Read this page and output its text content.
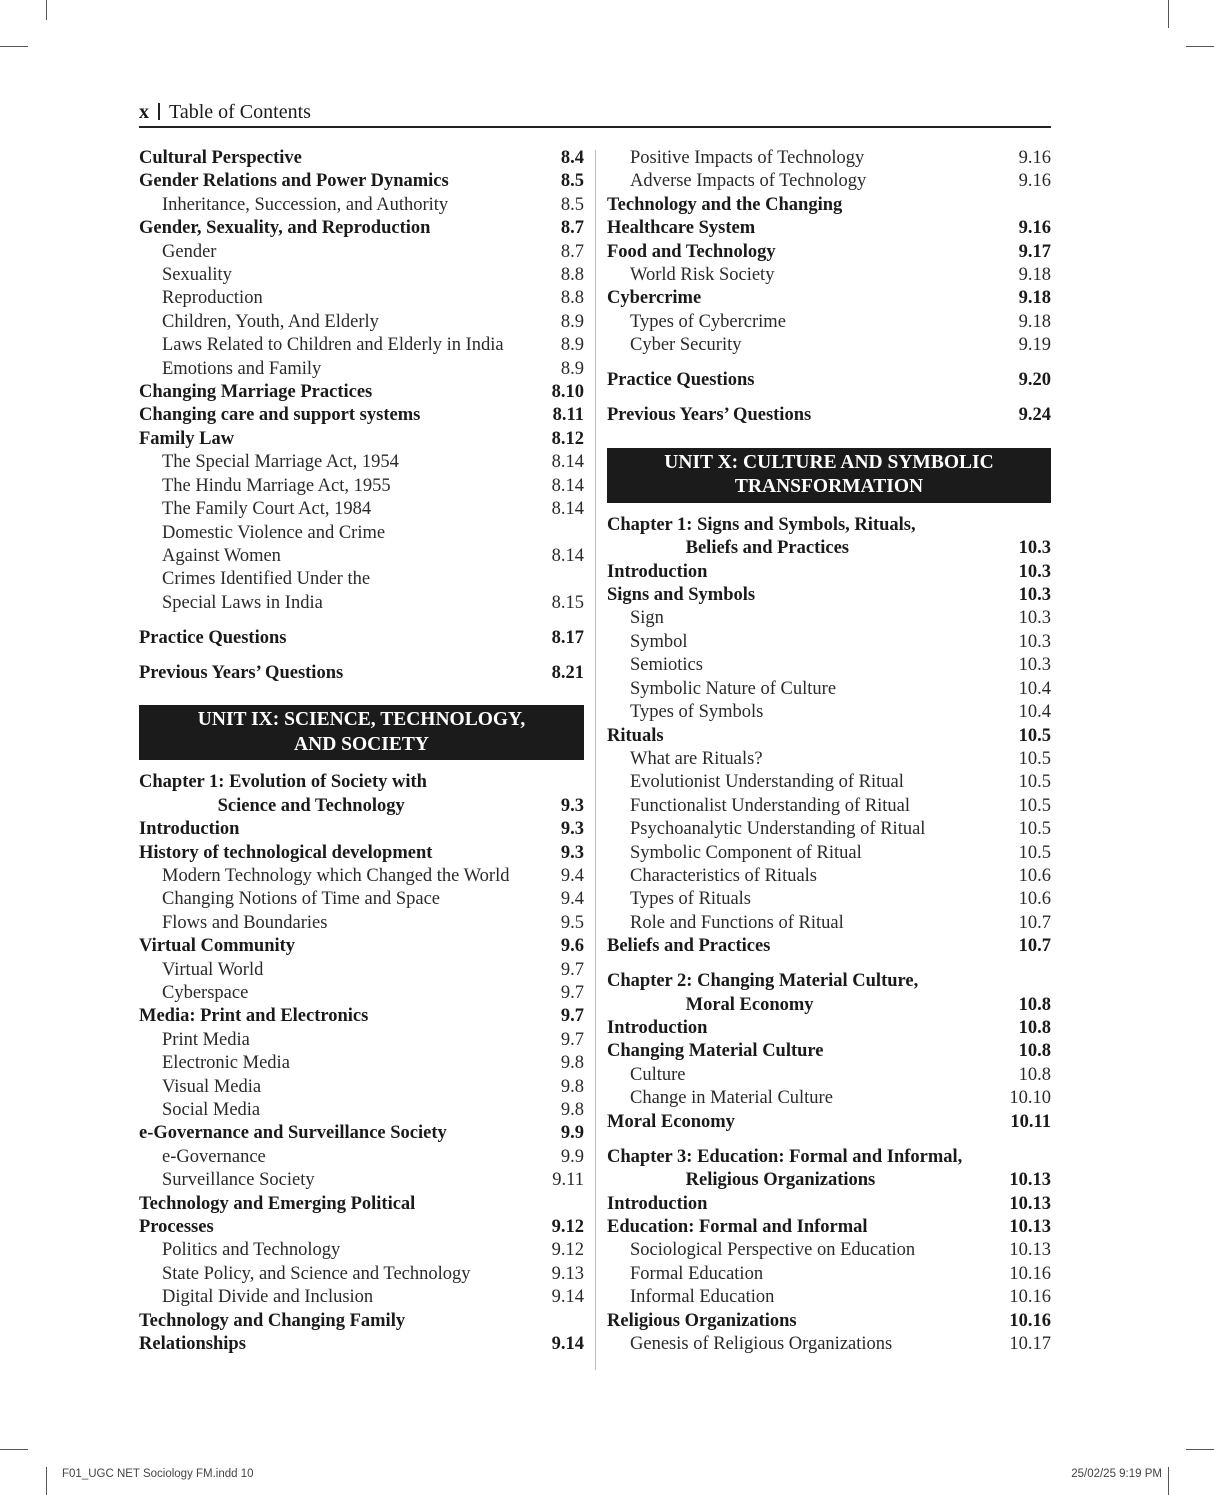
x Table of Contents
Cultural Perspective	8.4
Gender Relations and Power Dynamics	8.5
Inheritance, Succession, and Authority	8.5
Gender, Sexuality, and Reproduction	8.7
Gender	8.7
Sexuality	8.8
Reproduction	8.8
Children, Youth, And Elderly	8.9
Laws Related to Children and Elderly in India	8.9
Emotions and Family	8.9
Changing Marriage Practices	8.10
Changing care and support systems	8.11
Family Law	8.12
The Special Marriage Act, 1954	8.14
The Hindu Marriage Act, 1955	8.14
The Family Court Act, 1984	8.14
Domestic Violence and Crime
Against Women	8.14
Crimes Identified Under the
Special Laws in India	8.15
Practice Questions	8.17
Previous Years’ Questions	8.21
UNIT IX: SCIENCE, TECHNOLOGY,
AND SOCIETY
Chapter 1: Evolution of Society with
Science and Technology	9.3
Introduction	9.3
History of technological development	9.3
Modern Technology which Changed the World	9.4
Changing Notions of Time and Space	9.4
Flows and Boundaries	9.5
Virtual Community	9.6
Virtual World	9.7
Cyberspace	9.7
Media: Print and Electronics	9.7
Print Media	9.7
Electronic Media	9.8
Visual Media	9.8
Social Media	9.8
e-Governance and Surveillance Society	9.9
e-Governance	9.9
Surveillance Society	9.11
Technology and Emerging Political
Processes	9.12
Politics and Technology	9.12
State Policy, and Science and Technology	9.13
Digital Divide and Inclusion	9.14
Technology and Changing Family
Relationships	9.14
Positive Impacts of Technology	9.16
Adverse Impacts of Technology	9.16
Technology and the Changing
Healthcare System	9.16
Food and Technology	9.17
World Risk Society	9.18
Cybercrime	9.18
Types of Cybercrime	9.18
Cyber Security	9.19
Practice Questions	9.20
Previous Years’ Questions	9.24
UNIT X: CULTURE AND SYMBOLIC
TRANSFORMATION
Chapter 1: Signs and Symbols, Rituals,
Beliefs and Practices	10.3
Introduction	10.3
Signs and Symbols	10.3
Sign	10.3
Symbol	10.3
Semiotics	10.3
Symbolic Nature of Culture	10.4
Types of Symbols	10.4
Rituals	10.5
What are Rituals?	10.5
Evolutionist Understanding of Ritual	10.5
Functionalist Understanding of Ritual	10.5
Psychoanalytic Understanding of Ritual	10.5
Symbolic Component of Ritual	10.5
Characteristics of Rituals	10.6
Types of Rituals	10.6
Role and Functions of Ritual	10.7
Beliefs and Practices	10.7
Chapter 2: Changing Material Culture,
Moral Economy	10.8
Introduction	10.8
Changing Material Culture	10.8
Culture	10.8
Change in Material Culture	10.10
Moral Economy	10.11
Chapter 3: Education: Formal and Informal,
Religious Organizations	10.13
Introduction	10.13
Education: Formal and Informal	10.13
Sociological Perspective on Education	10.13
Formal Education	10.16
Informal Education	10.16
Religious Organizations	10.16
Genesis of Religious Organizations	10.17
F01_UGC NET Sociology FM.indd 10	25/02/25 9:19 PM
